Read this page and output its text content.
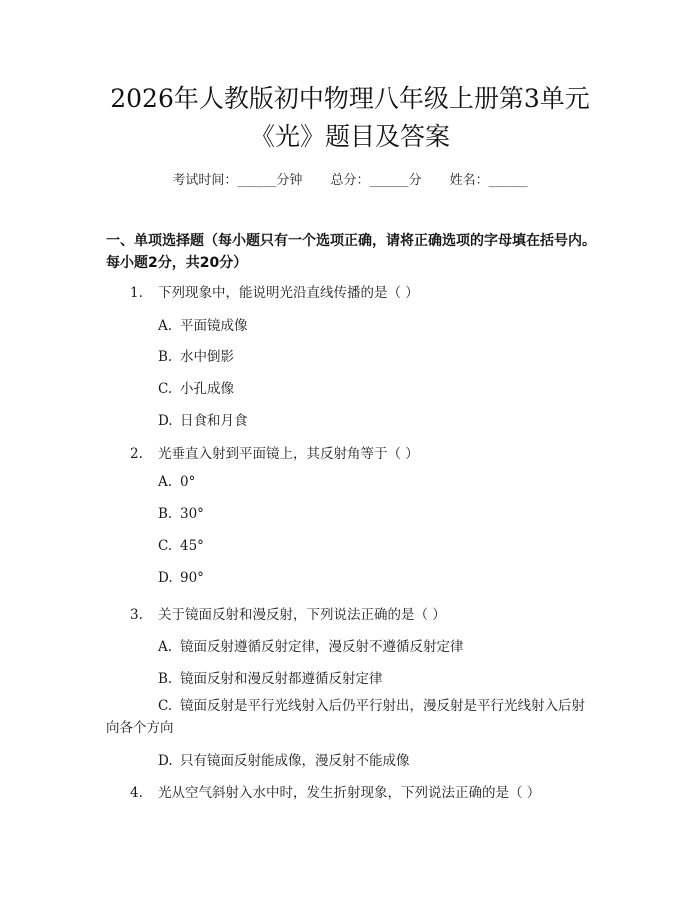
2026年人教版初中物理八年级上册第3单元
《光》题目及答案
考试时间：______分钟 总分：______分 姓名：______
一、单项选择题（每小题只有一个选项正确，请将正确选项的字母填在括号内。每小题2分，共20分）
1. 下列现象中，能说明光沿直线传播的是（ ）
A. 平面镜成像
B. 水中倒影
C. 小孔成像
D. 日食和月食
2. 光垂直入射到平面镜上，其反射角等于（ ）
A. 0°
B. 30°
C. 45°
D. 90°
3. 关于镜面反射和漫反射，下列说法正确的是（ ）
A. 镜面反射遵循反射定律，漫反射不遵循反射定律
B. 镜面反射和漫反射都遵循反射定律
C. 镜面反射是平行光线射入后仍平行射出，漫反射是平行光线射入后射向各个方向
D. 只有镜面反射能成像，漫反射不能成像
4. 光从空气斜射入水中时，发生折射现象，下列说法正确的是（ ）
